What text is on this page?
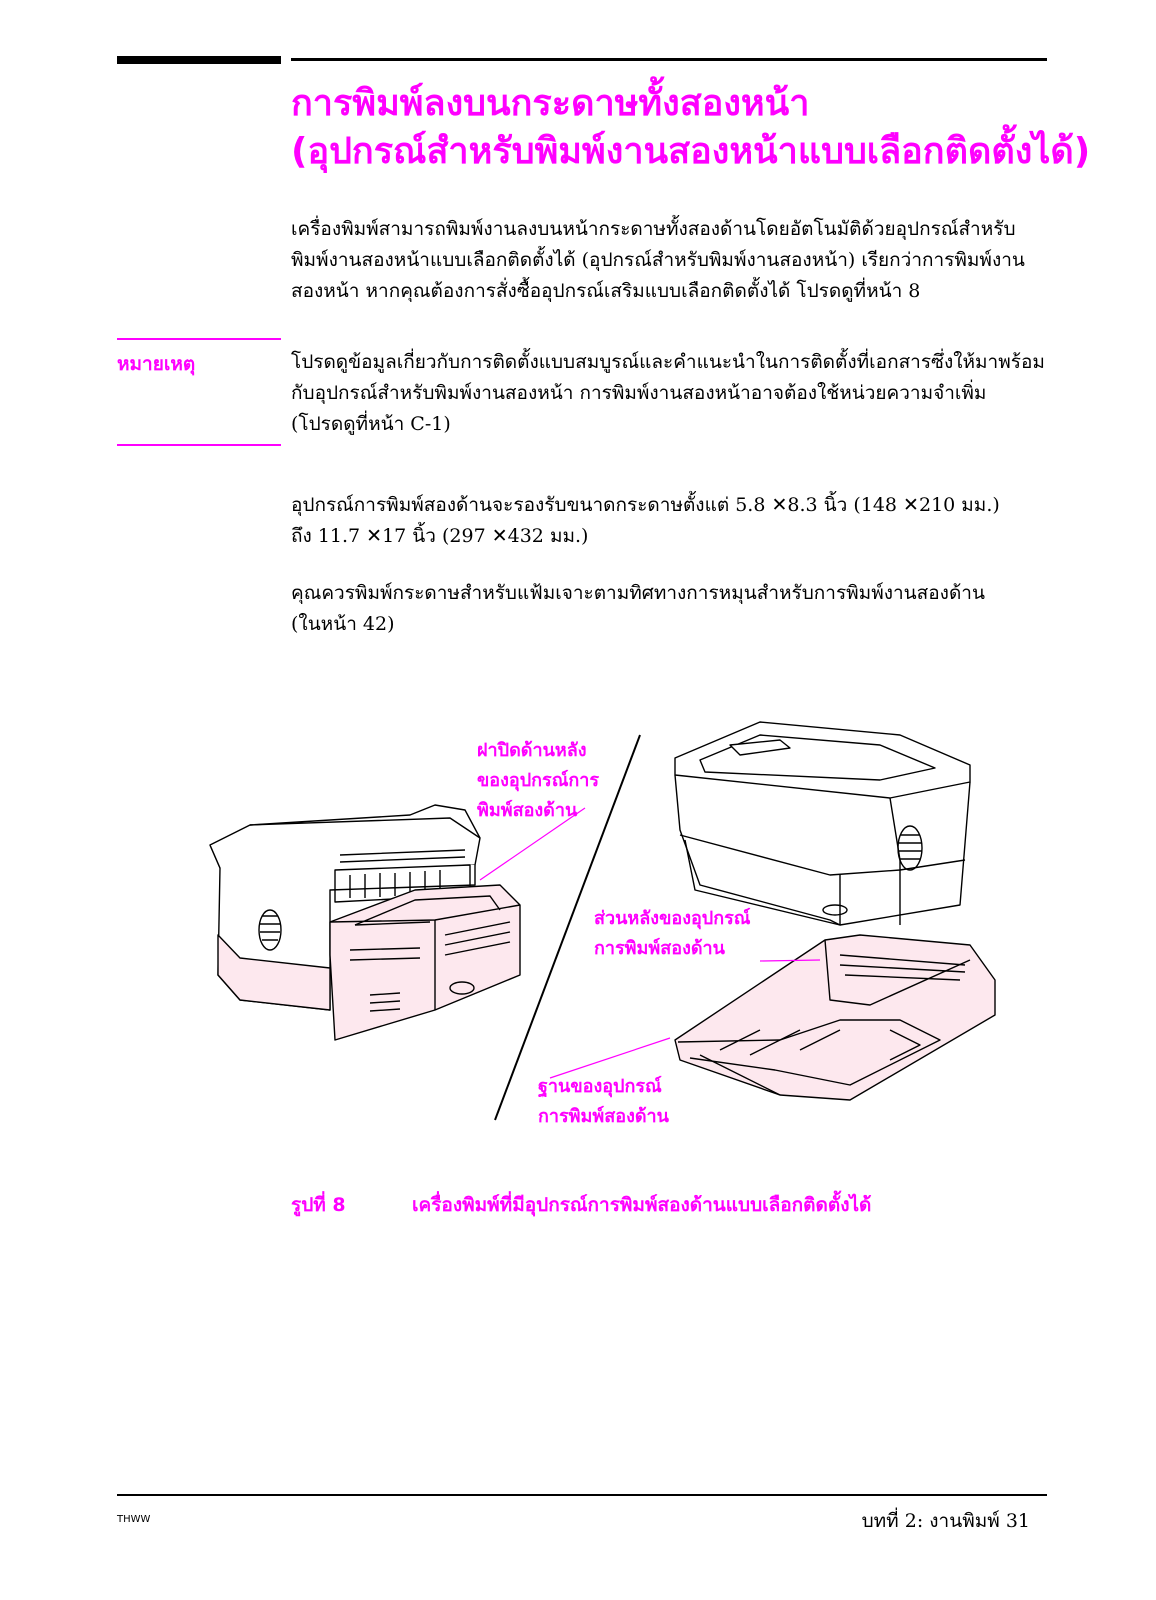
การพิมพ์ลงบนกระดาษทั้งสองหน้า
(อุปกรณ์สำหรับพิมพ์งานสองหน้าแบบเลือกติดตั้งได้)
เครื่องพิมพ์สามารถพิมพ์งานลงบนหน้ากระดาษทั้งสองด้านโดยอัตโนมัติด้วยอุปกรณ์สำหรับ
พิมพ์งานสองหน้าแบบเลือกติดตั้งได้ (อุปกรณ์สำหรับพิมพ์งานสองหน้า) เรียกว่าการพิมพ์งาน
สองหน้า หากคุณต้องการสั่งซื้ออุปกรณ์เสริมแบบเลือกติดตั้งได้ โปรดดูที่หน้า 8
หมายเหตุ	โปรดดูข้อมูลเกี่ยวกับการติดตั้งแบบสมบูรณ์และคำแนะนำในการติดตั้งที่เอกสารซึ่งให้มาพร้อม
กับอุปกรณ์สำหรับพิมพ์งานสองหน้า การพิมพ์งานสองหน้าอาจต้องใช้หน่วยความจำเพิ่ม
(โปรดดูที่หน้า C-1)
อุปกรณ์การพิมพ์สองด้านจะรองรับขนาดกระดาษตั้งแต่ 5.8 ✕8.3 นิ้ว (148 ✕210 มม.)
ถึง 11.7 ✕17 นิ้ว (297 ✕432 มม.)
คุณควรพิมพ์กระดาษสำหรับแฟ้มเจาะตามทิศทางการหมุนสำหรับการพิมพ์งานสองด้าน
(ในหน้า 42)
ฝาปิดด้านหลัง
ของอุปกรณ์การ
พิมพ์สองด้าน
ส่วนหลังของอุปกรณ์
การพิมพ์สองด้าน
ฐานของอุปกรณ์
การพิมพ์สองด้าน
รูปที่ 8	เครื่องพิมพ์ที่มีอุปกรณ์การพิมพ์สองด้านแบบเลือกติดตั้งได้
THWW	บทที่ 2: งานพิมพ์ 31
